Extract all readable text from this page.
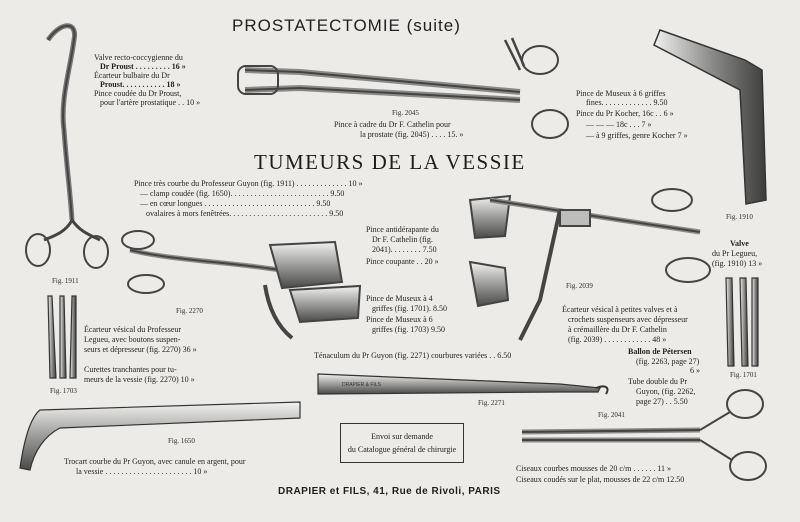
DRAPIER & FILS
PROSTATECTOMIE (suite)
TUMEURS DE LA VESSIE
Valve recto-coccygienne du
Dr Proust . . . . . . . . . 16 »
Écarteur bulbaire du Dr
Proust. . . . . . . . . . . 18 »
Pince coudée du Dr Proust,
pour l'artère prostatique . . 10 »
Fig. 2045
Pince à cadre du Dr F. Cathelin pour
la prostate (fig. 2045) . . . . 15. »
Pince de Museux à 6 griffes
fines. . . . . . . . . . . . . 9.50
Pince du Pr Kocher, 16c . . 6 »
— — — 18c . . . 7 »
— à 9 griffes, genre Kocher 7 »
Pince très courbe du Professeur Guyon (fig. 1911) . . . . . . . . . . . . . 10 »
— clamp coudée (fig. 1650). . . . . . . . . . . . . . . . . . . . . . . . . 9.50
— en cœur longues . . . . . . . . . . . . . . . . . . . . . . . . . . . . 9.50
ovalaires à mors fenêtrées. . . . . . . . . . . . . . . . . . . . . . . . . 9.50
Pince antidérapante du
Dr F. Cathelin (fig.
2041). . . . . . . . 7.50
Pince coupante . . 20 »
Pince de Museux à 4
griffes (fig. 1701). 8.50
Pince de Museux à 6
griffes (fig. 1703) 9.50
Écarteur vésical du Professeur
Legueu, avec boutons suspen-
seurs et dépresseur (fig. 2270) 36 »
Curettes tranchantes pour tu-
meurs de la vessie (fig. 2270) 10 »
Ténaculum du Pr Guyon (fig. 2271) courbures variées . . 6.50
Écarteur vésical à petites valves et à
crochets suspenseurs avec dépresseur
à crémaillère du Dr F. Cathelin
(fig. 2039) . . . . . . . . . . . . 48 »
Valve
du Pr Legueu,
(fig. 1910) 13 »
Ballon de Pétersen
(fig. 2263, page 27)
6 »
Tube double du Pr
Guyon, (fig. 2262,
page 27) . . 5.50
Trocart courbe du Pr Guyon, avec canule en argent, pour
la vessie . . . . . . . . . . . . . . . . . . . . . . 10 »
Envoi sur demande
du Catalogue général de chirurgie
Ciseaux courbes mousses de 20 c/m . . . . . . 11 »
Ciseaux coudés sur le plat, mousses de 22 c/m 12.50
Fig. 1911
Fig. 1910
Fig. 2270
Fig. 2039
Fig. 1703
Fig. 1701
Fig. 2271
Fig. 1650
Fig. 2041
DRAPIER et FILS, 41, Rue de Rivoli, PARIS
